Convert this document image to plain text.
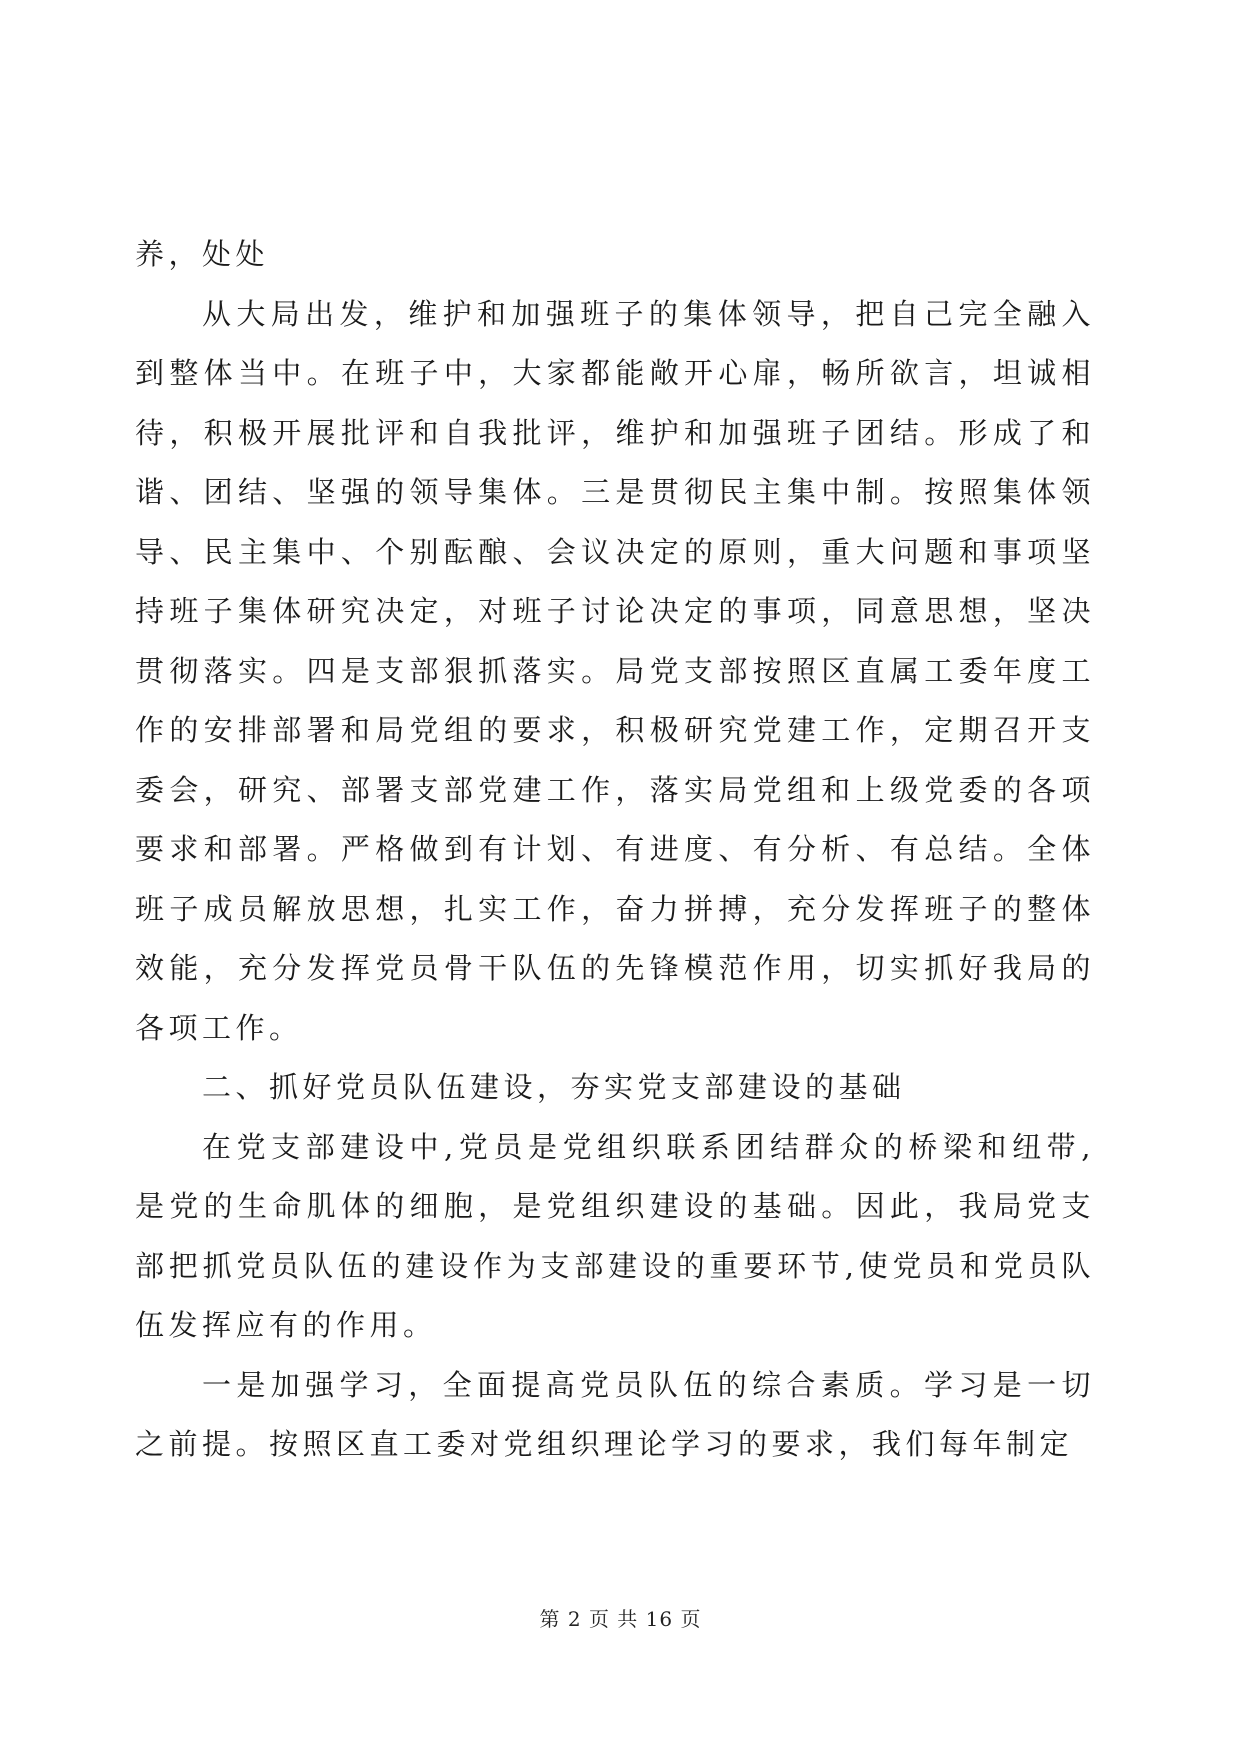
养，处处

从大局出发，维护和加强班子的集体领导，把自己完全融入到整体当中。在班子中，大家都能敞开心扉，畅所欲言，坦诚相待，积极开展批评和自我批评，维护和加强班子团结。形成了和谐、团结、坚强的领导集体。三是贯彻民主集中制。按照集体领导、民主集中、个别酝酿、会议决定的原则，重大问题和事项坚持班子集体研究决定，对班子讨论决定的事项，同意思想，坚决贯彻落实。四是支部狠抓落实。局党支部按照区直属工委年度工作的安排部署和局党组的要求，积极研究党建工作，定期召开支委会，研究、部署支部党建工作，落实局党组和上级党委的各项要求和部署。严格做到有计划、有进度、有分析、有总结。全体班子成员解放思想，扎实工作，奋力拼搏，充分发挥班子的整体效能，充分发挥党员骨干队伍的先锋模范作用，切实抓好我局的各项工作。

二、抓好党员队伍建设，夯实党支部建设的基础

在党支部建设中,党员是党组织联系团结群众的桥梁和纽带,是党的生命肌体的细胞，是党组织建设的基础。因此，我局党支部把抓党员队伍的建设作为支部建设的重要环节,使党员和党员队伍发挥应有的作用。

一是加强学习，全面提高党员队伍的综合素质。学习是一切之前提。按照区直工委对党组织理论学习的要求，我们每年制定

第 2 页 共 16 页
